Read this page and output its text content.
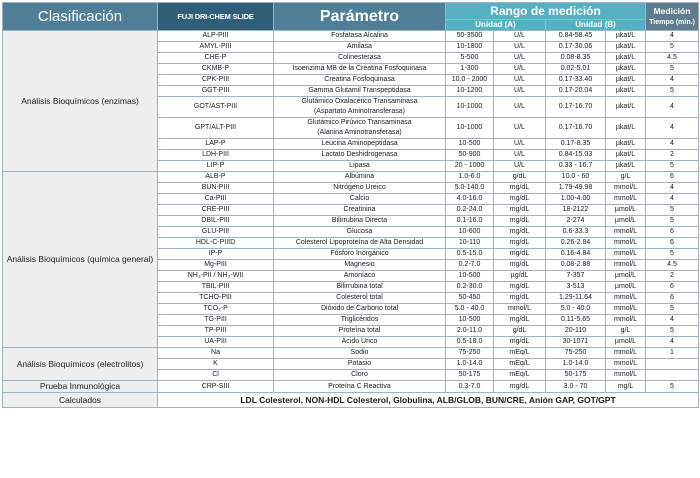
Clasificación	FUJI DRI-CHEM SLIDE	Parámetro	Rango de medición				Medición
Tiempo (min.)

			Unidad (A)		Unidad (B)		
Análisis Bioquímicos (enzimas)	ALP-PIII	Fosfatasa Alcalina	50-3500	U/L	0.84-58.45	µkat/L	4
	AMYL-PIII	Amilasa	10-1800	U/L	0.17-30.06	µkat/L	5
	CHE-P	Colinesterasa	5-500	U/L	0.08-8.35	µkat/L	4.5
	CKMB-P	Isoenzima MB de la Creatina Fosfoquinasa	1-300	U/L	0.02-5.01	µkat/L	5
	CPK-PIII	Creatina Fosfoquinasa	10.0 - 2000	U/L	0.17-33.40	µkat/L	4
	GGT-PIII	Gamma Glutamil Transpeptidasa	10-1200	U/L	0.17-20.04	µkat/L	5
	GOT/AST-PIII	Glutámico Oxalacético Transaminasa
(Aspartato Aminotransferasa)	10-1000	U/L	0.17-16.70	µkat/L	4
	GPT/ALT-PIII	Glutámico Pirúvico Transaminasa
(Alanina Aminotransferasa)	10-1000	U/L	0.17-16.70	µkat/L	4
	LAP-P	Leucina Aminopeptidasa	10-500	U/L	0.17-8.35	µkat/L	4
	LDH-PIII	Lactato Deshidrogenasa	50-900	U/L	0.84-15.03	µkat/L	2
	LIP-P	Lipasa	20 - 1000	U/L	0.33 - 16.7	µkat/L	5
Análisis Bioquímicos (química general)	ALB-P	Albúmina	1.0-6.0	g/dL	10.0 - 60	g/L	6
	BUN-PIII	Nitrógeno Ureico	5.0-140.0	mg/dL	1.79-49.98	mmol/L	4
	Ca-PIII	Calcio	4.0-16.0	mg/dL	1.00-4.00	mmol/L	4
	CRE-PIII	Creatinina	0.2-24.0	mg/dL	18-2122	µmol/L	5
	DBIL-PIII	Bilirrubina Directa	0.1-16.0	mg/dL	2-274	µmol/L	5
	GLU-PIII	Glucosa	10-600	mg/dL	0.6-33.3	mmol/L	6
	HDL-C-PIIID	Colesterol Lipoproteína de Alta Densidad	10-110	mg/dL	0.26-2.84	mmol/L	6
	IP-P	Fósforo Inorgánico	0.5-15.0	mg/dL	0.16-4.84	mmol/L	5
	Mg-PIII	Magnesio	0.2-7.0	mg/dL	0.08-2.88	mmol/L	4.5
	NH₃-PII / NH₃-WII	Amoníaco	10-500	µg/dL	7-357	µmol/L	2
	TBIL-PIII	Bilirrubina total	0.2-30.0	mg/dL	3-513	µmol/L	6
	TCHO-PIII	Colesterol total	50-450	mg/dL	1.29-11.64	mmol/L	6
	TCO₂-P	Dióxido de Carbono total	5.0 - 40.0	mmol/L	5.0 - 40.0	mmol/L	5
	TG-PIII	Triglicéridos	10-500	mg/dL	0.11-5.65	mmol/L	4
	TP-PIII	Proteína total	2.0-11.0	g/dL	20-110	g/L	5
	UA-PIII	Ácido Úrico	0.5-18.0	mg/dL	30-1071	µmol/L	4
Análisis Bioquímicos (electrolitos)	Na	Sodio	75-250	mEq/L	75-250	mmol/L	1
	K	Potasio	1.0-14.0	mEq/L	1.0-14.0	mmol/L	
	Cl	Cloro	50-175	mEq/L	50-175	mmol/L	
Prueba Inmunológica	CRP-SIII	Proteína C Reactiva	0.3-7.0	mg/dL	3.0 - 70	mg/L	5
Calculados	LDL Colesterol, NON-HDL Colesterol, Globulina, ALB/GLOB, BUN/CRE, Anión GAP, GOT/GPT						
